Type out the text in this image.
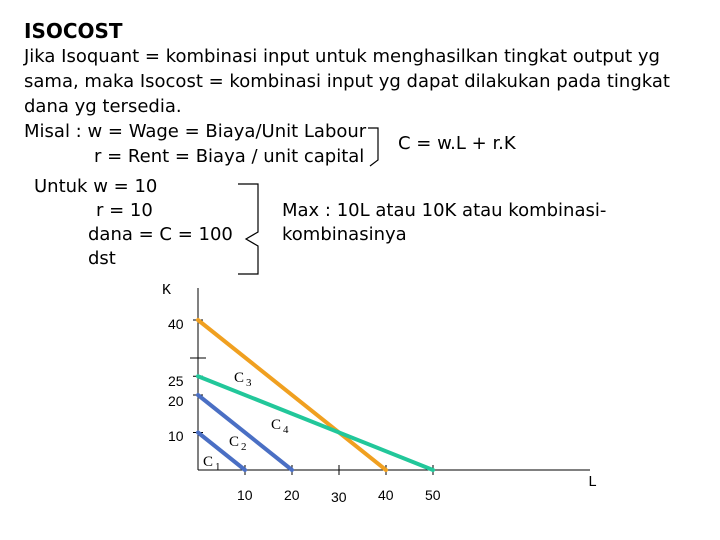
ISOCOST
Jika Isoquant = kombinasi input untuk menghasilkan tingkat output yg
sama, maka Isocost = kombinasi input yg dapat dilakukan pada tingkat
dana yg tersedia.
Misal : w = Wage = Biaya/Unit Labour
r = Rent = Biaya / unit capital
C = w.L + r.K
Untuk w = 10
r = 10
dana = C = 100
dst
Max : 10L atau 10K atau kombinasi-
kombinasinya
K
L
10
20
25
40
10 20 30 40 50
C $_1$
C $_2$
C $_3$
C $_4$
